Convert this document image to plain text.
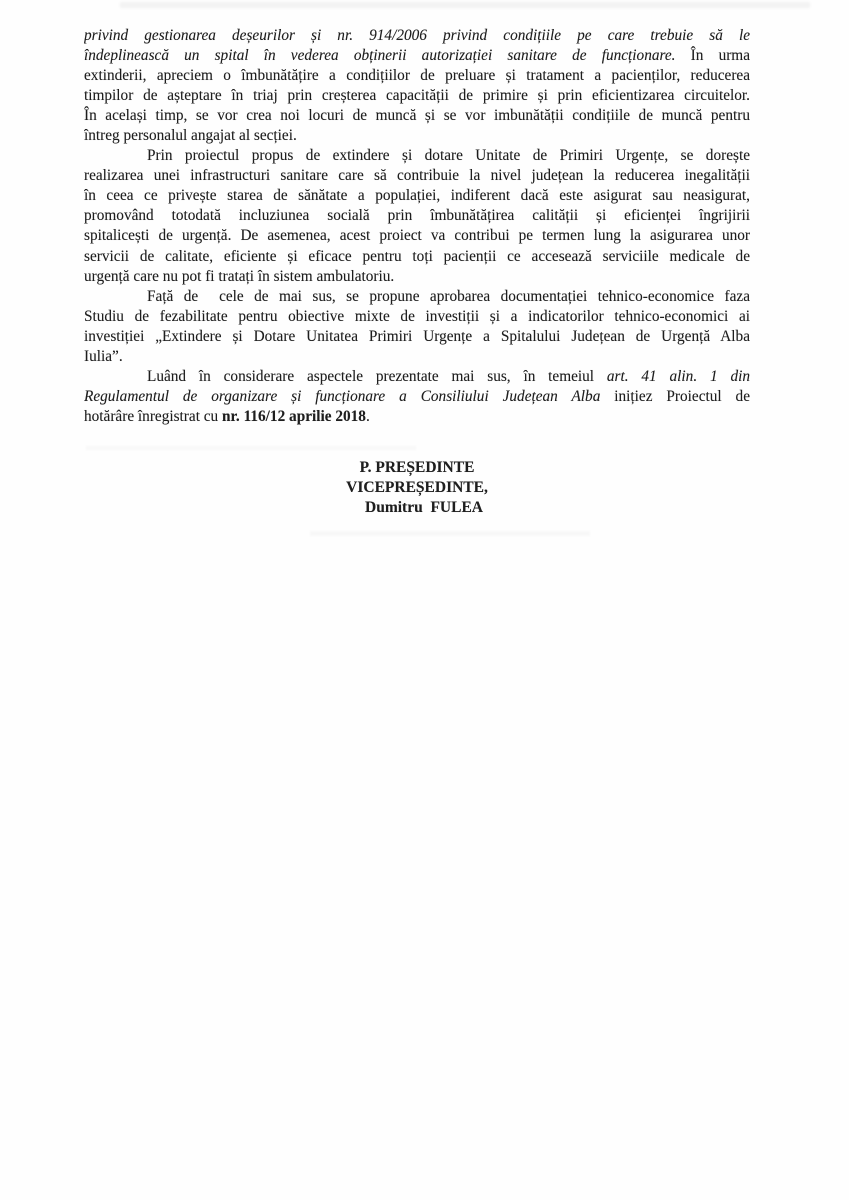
privind gestionarea deșeurilor și nr. 914/2006 privind condițiile pe care trebuie să le
îndeplinească un spital în vederea obținerii autorizației sanitare de funcționare. În urma
extinderii, apreciem o îmbunătățire a condițiilor de preluare și tratament a pacienților, reducerea
timpilor de așteptare în triaj prin creșterea capacității de primire și prin eficientizarea circuitelor.
În același timp, se vor crea noi locuri de muncă și se vor imbunătății condițiile de muncă pentru
întreg personalul angajat al secției.
Prin proiectul propus de extindere și dotare Unitate de Primiri Urgențe, se dorește
realizarea unei infrastructuri sanitare care să contribuie la nivel județean la reducerea inegalității
în ceea ce privește starea de sănătate a populației, indiferent dacă este asigurat sau neasigurat,
promovând totodată incluziunea socială prin îmbunătățirea calității și eficienței îngrijirii
spitalicești de urgență. De asemenea, acest proiect va contribui pe termen lung la asigurarea unor
servicii de calitate, eficiente și eficace pentru toți pacienții ce accesează serviciile medicale de
urgență care nu pot fi tratați în sistem ambulatoriu.
Față de  cele de mai sus, se propune aprobarea documentației tehnico-economice faza
Studiu de fezabilitate pentru obiective mixte de investiții și a indicatorilor tehnico-economici ai
investiției „Extindere și Dotare Unitatea Primiri Urgențe a Spitalului Județean de Urgență Alba
Iulia”.
Luând în considerare aspectele prezentate mai sus, în temeiul art. 41 alin. 1 din
Regulamentul de organizare și funcționare a Consiliului Județean Alba inițiez Proiectul de
hotărâre înregistrat cu nr. 116/12 aprilie 2018.
P. PREȘEDINTE
VICEPREȘEDINTE,
Dumitru  FULEA
